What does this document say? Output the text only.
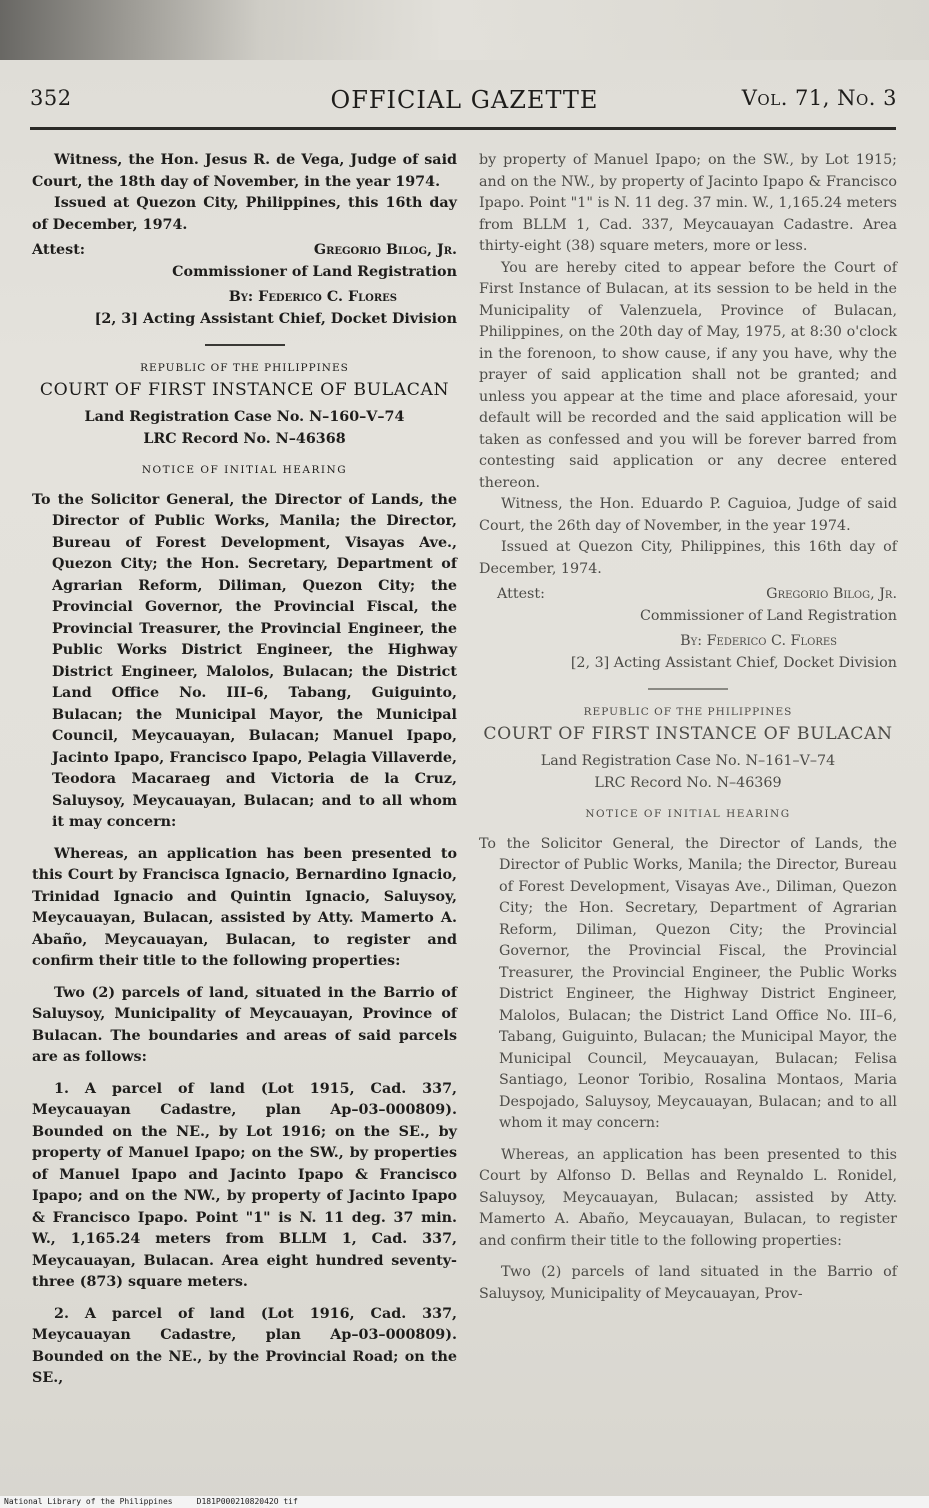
352	OFFICIAL GAZETTE	Vol. 71, No. 3

Witness, the Hon. Jesus R. de Vega, Judge of said Court, the 18th day of November, in the year 1974.

Issued at Quezon City, Philippines, this 16th day of December, 1974.

Attest:	Gregorio Bilog, Jr.

Commissioner of Land Registration

By: Federico C. Flores

[2, 3] Acting Assistant Chief, Docket Division

REPUBLIC OF THE PHILIPPINES

COURT OF FIRST INSTANCE OF BULACAN

Land Registration Case No. N–160–V–74

LRC Record No. N–46368

NOTICE OF INITIAL HEARING

To the Solicitor General, the Director of Lands, the Director of Public Works, Manila; the Director, Bureau of Forest Development, Visayas Ave., Quezon City; the Hon. Secretary, Department of Agrarian Reform, Diliman, Quezon City; the Provincial Governor, the Provincial Fiscal, the Provincial Treasurer, the Provincial Engineer, the Public Works District Engineer, the Highway District Engineer, Malolos, Bulacan; the District Land Office No. III–6, Tabang, Guiguinto, Bulacan; the Municipal Mayor, the Municipal Council, Meycauayan, Bulacan; Manuel Ipapo, Jacinto Ipapo, Francisco Ipapo, Pelagia Villaverde, Teodora Macaraeg and Victoria de la Cruz, Saluysoy, Meycauayan, Bulacan; and to all whom it may concern:

Whereas, an application has been presented to this Court by Francisca Ignacio, Bernardino Ignacio, Trinidad Ignacio and Quintin Ignacio, Saluysoy, Meycauayan, Bulacan, assisted by Atty. Mamerto A. Abaño, Meycauayan, Bulacan, to register and confirm their title to the following properties:

Two (2) parcels of land, situated in the Barrio of Saluysoy, Municipality of Meycauayan, Province of Bulacan. The boundaries and areas of said parcels are as follows:

1. A parcel of land (Lot 1915, Cad. 337, Meycauayan Cadastre, plan Ap–03–000809). Bounded on the NE., by Lot 1916; on the SE., by property of Manuel Ipapo; on the SW., by properties of Manuel Ipapo and Jacinto Ipapo & Francisco Ipapo; and on the NW., by property of Jacinto Ipapo & Francisco Ipapo. Point "1" is N. 11 deg. 37 min. W., 1,165.24 meters from BLLM 1, Cad. 337, Meycauayan, Bulacan. Area eight hundred seventy-three (873) square meters.

2. A parcel of land (Lot 1916, Cad. 337, Meycauayan Cadastre, plan Ap–03–000809). Bounded on the NE., by the Provincial Road; on the SE.,

by property of Manuel Ipapo; on the SW., by Lot 1915; and on the NW., by property of Jacinto Ipapo & Francisco Ipapo. Point "1" is N. 11 deg. 37 min. W., 1,165.24 meters from BLLM 1, Cad. 337, Meycauayan Cadastre. Area thirty-eight (38) square meters, more or less.

You are hereby cited to appear before the Court of First Instance of Bulacan, at its session to be held in the Municipality of Valenzuela, Province of Bulacan, Philippines, on the 20th day of May, 1975, at 8:30 o'clock in the forenoon, to show cause, if any you have, why the prayer of said application shall not be granted; and unless you appear at the time and place aforesaid, your default will be recorded and the said application will be taken as confessed and you will be forever barred from contesting said application or any decree entered thereon.

Witness, the Hon. Eduardo P. Caguioa, Judge of said Court, the 26th day of November, in the year 1974.

Issued at Quezon City, Philippines, this 16th day of December, 1974.

Attest:	Gregorio Bilog, Jr.

Commissioner of Land Registration

By: Federico C. Flores

[2, 3] Acting Assistant Chief, Docket Division

REPUBLIC OF THE PHILIPPINES

COURT OF FIRST INSTANCE OF BULACAN

Land Registration Case No. N–161–V–74

LRC Record No. N–46369

NOTICE OF INITIAL HEARING

To the Solicitor General, the Director of Lands, the Director of Public Works, Manila; the Director, Bureau of Forest Development, Visayas Ave., Diliman, Quezon City; the Hon. Secretary, Department of Agrarian Reform, Diliman, Quezon City; the Provincial Governor, the Provincial Fiscal, the Provincial Treasurer, the Provincial Engineer, the Public Works District Engineer, the Highway District Engineer, Malolos, Bulacan; the District Land Office No. III–6, Tabang, Guiguinto, Bulacan; the Municipal Mayor, the Municipal Council, Meycauayan, Bulacan; Felisa Santiago, Leonor Toribio, Rosalina Montaos, Maria Despojado, Saluysoy, Meycauayan, Bulacan; and to all whom it may concern:

Whereas, an application has been presented to this Court by Alfonso D. Bellas and Reynaldo L. Ronidel, Saluysoy, Meycauayan, Bulacan; assisted by Atty. Mamerto A. Abaño, Meycauayan, Bulacan, to register and confirm their title to the following properties:

Two (2) parcels of land situated in the Barrio of Saluysoy, Municipality of Meycauayan, Prov-

National Library of the Philippines     D181P00021082042O tif
